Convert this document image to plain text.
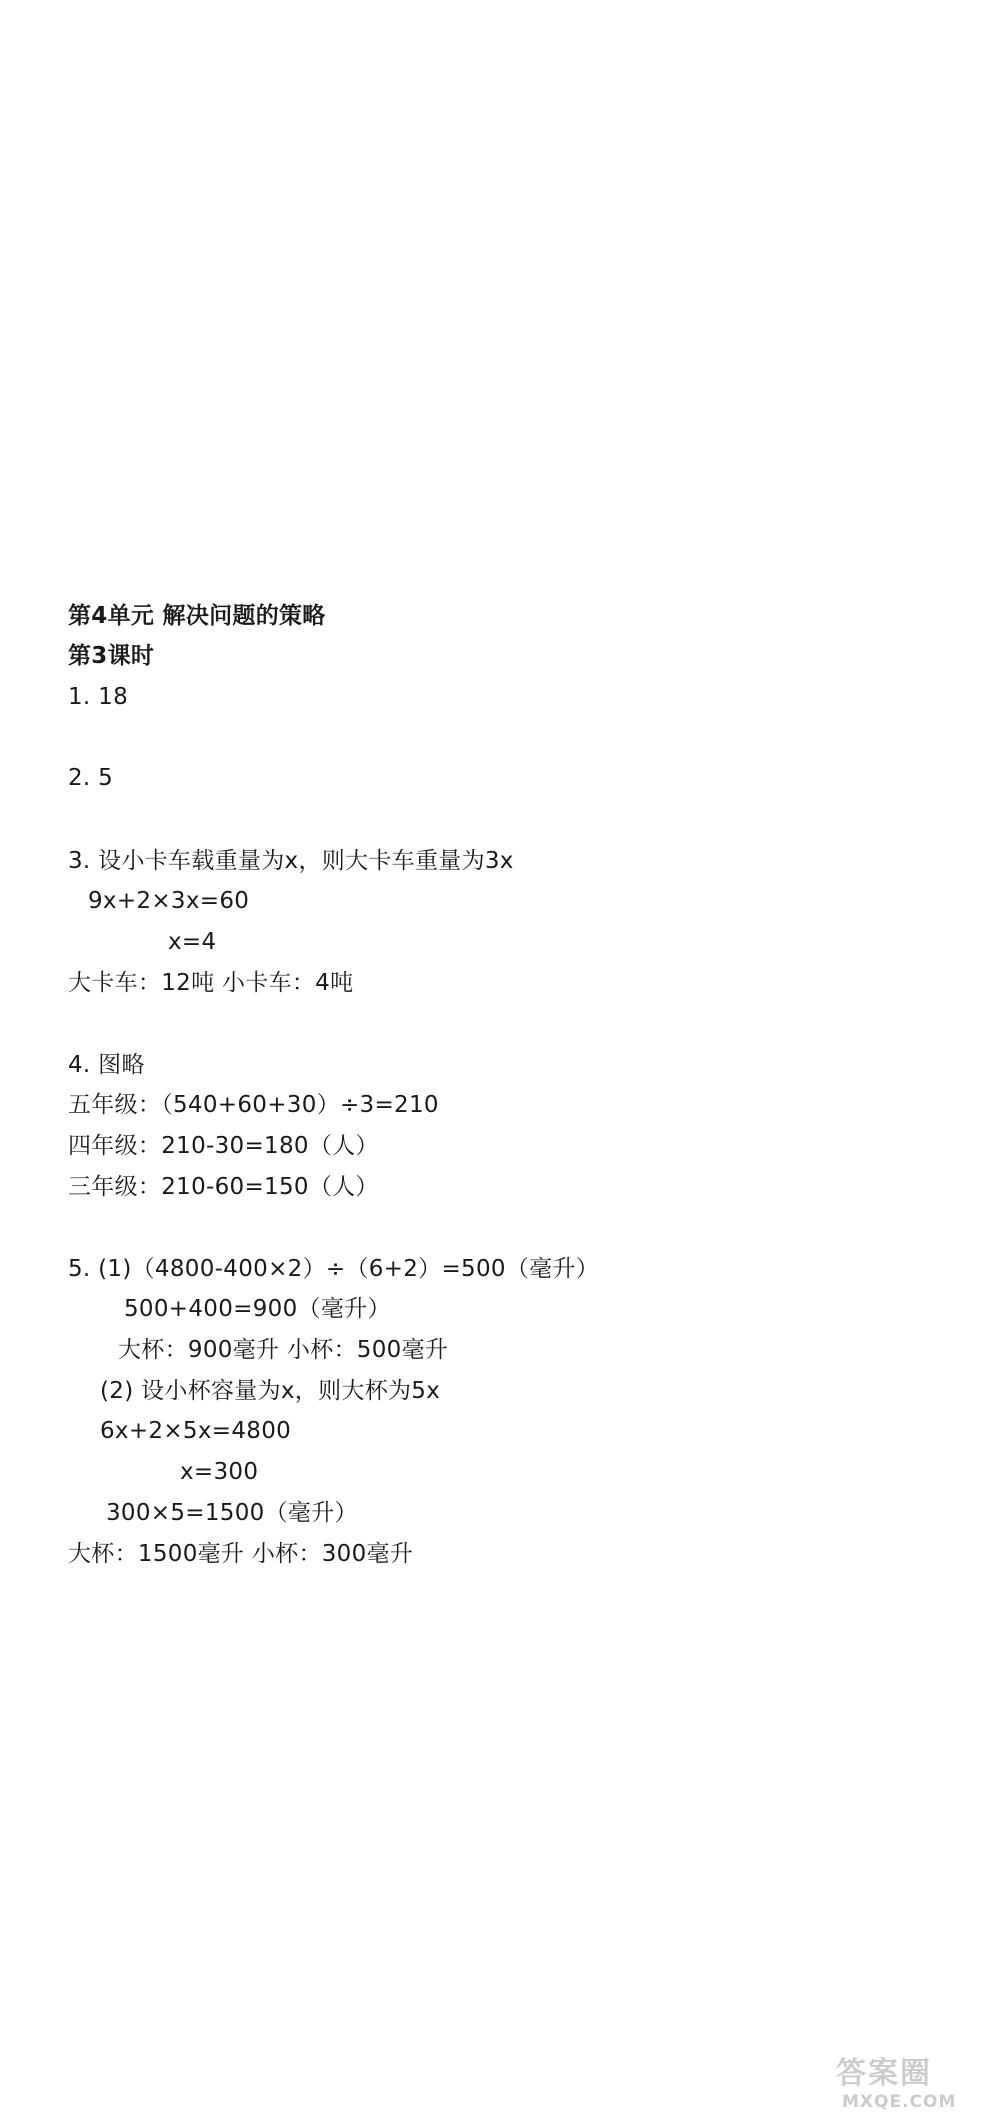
第4单元 解决问题的策略
第3课时
1. 18
2. 5
3. 设小卡车载重量为x，则大卡车重量为3x
9x+2×3x=60
x=4
大卡车：12吨 小卡车：4吨
4. 图略
五年级：（540+60+30）÷3=210
四年级：210-30=180（人）
三年级：210-60=150（人）
5. (1)（4800-400×2）÷（6+2）=500（毫升）
500+400=900（毫升）
大杯：900毫升 小杯：500毫升
(2) 设小杯容量为x，则大杯为5x
6x+2×5x=4800
x=300
300×5=1500（毫升）
大杯：1500毫升 小杯：300毫升
答案圈
MXQE.COM
